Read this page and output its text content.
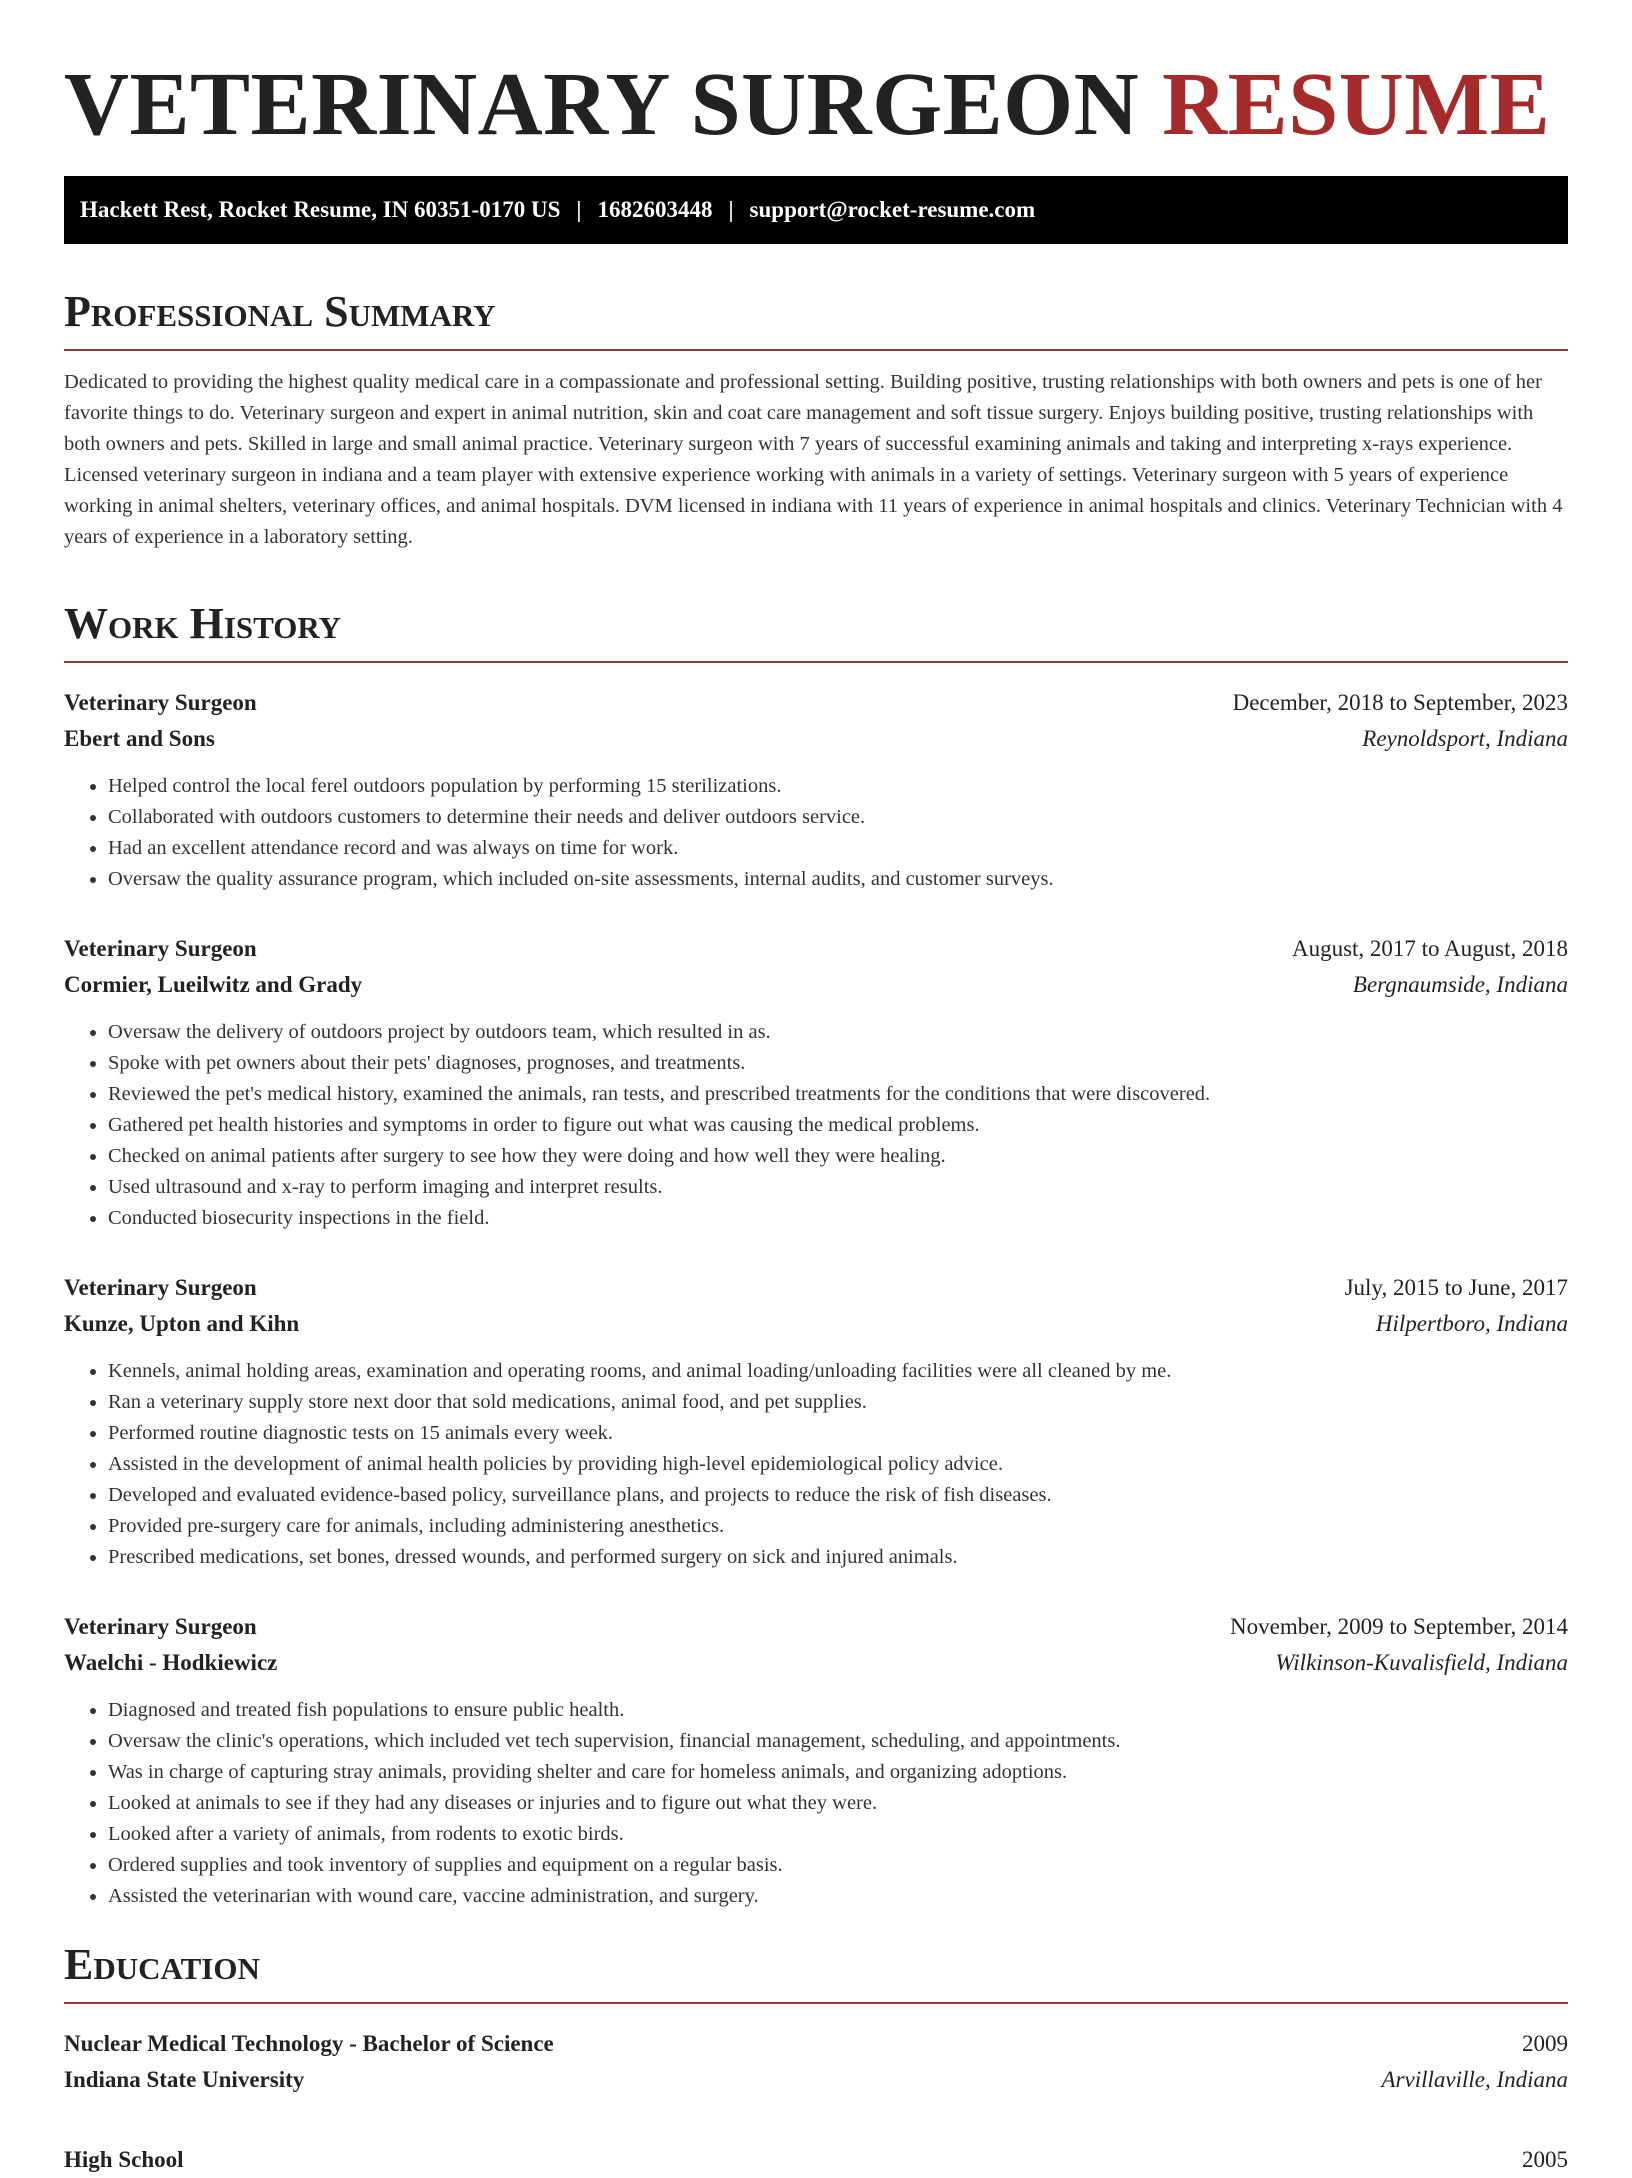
VETERINARY SURGEON RESUME
Hackett Rest, Rocket Resume, IN 60351-0170 US | 1682603448 | support@rocket-resume.com
Professional Summary

Dedicated to providing the highest quality medical care in a compassionate and professional setting. Building positive, trusting relationships with both owners and pets is one of her favorite things to do. Veterinary surgeon and expert in animal nutrition, skin and coat care management and soft tissue surgery. Enjoys building positive, trusting relationships with both owners and pets. Skilled in large and small animal practice. Veterinary surgeon with 7 years of successful examining animals and taking and interpreting x-rays experience. Licensed veterinary surgeon in indiana and a team player with extensive experience working with animals in a variety of settings. Veterinary surgeon with 5 years of experience working in animal shelters, veterinary offices, and animal hospitals. DVM licensed in indiana with 11 years of experience in animal hospitals and clinics. Veterinary Technician with 4 years of experience in a laboratory setting.

Work History
Veterinary Surgeon	December, 2018 to September, 2023
Ebert and Sons	Reynoldsport, Indiana
• Helped control the local ferel outdoors population by performing 15 sterilizations.
• Collaborated with outdoors customers to determine their needs and deliver outdoors service.
• Had an excellent attendance record and was always on time for work.
• Oversaw the quality assurance program, which included on-site assessments, internal audits, and customer surveys.
Veterinary Surgeon	August, 2017 to August, 2018
Cormier, Lueilwitz and Grady	Bergnaumside, Indiana
• Oversaw the delivery of outdoors project by outdoors team, which resulted in as.
• Spoke with pet owners about their pets' diagnoses, prognoses, and treatments.
• Reviewed the pet's medical history, examined the animals, ran tests, and prescribed treatments for the conditions that were discovered.
• Gathered pet health histories and symptoms in order to figure out what was causing the medical problems.
• Checked on animal patients after surgery to see how they were doing and how well they were healing.
• Used ultrasound and x-ray to perform imaging and interpret results.
• Conducted biosecurity inspections in the field.
Veterinary Surgeon	July, 2015 to June, 2017
Kunze, Upton and Kihn	Hilpertboro, Indiana
• Kennels, animal holding areas, examination and operating rooms, and animal loading/unloading facilities were all cleaned by me.
• Ran a veterinary supply store next door that sold medications, animal food, and pet supplies.
• Performed routine diagnostic tests on 15 animals every week.
• Assisted in the development of animal health policies by providing high-level epidemiological policy advice.
• Developed and evaluated evidence-based policy, surveillance plans, and projects to reduce the risk of fish diseases.
• Provided pre-surgery care for animals, including administering anesthetics.
• Prescribed medications, set bones, dressed wounds, and performed surgery on sick and injured animals.
Veterinary Surgeon	November, 2009 to September, 2014
Waelchi - Hodkiewicz	Wilkinson-Kuvalisfield, Indiana
• Diagnosed and treated fish populations to ensure public health.
• Oversaw the clinic's operations, which included vet tech supervision, financial management, scheduling, and appointments.
• Was in charge of capturing stray animals, providing shelter and care for homeless animals, and organizing adoptions.
• Looked at animals to see if they had any diseases or injuries and to figure out what they were.
• Looked after a variety of animals, from rodents to exotic birds.
• Ordered supplies and took inventory of supplies and equipment on a regular basis.
• Assisted the veterinarian with wound care, vaccine administration, and surgery.
Education
Nuclear Medical Technology - Bachelor of Science	2009
Indiana State University	Arvillaville, Indiana
High School	2005
